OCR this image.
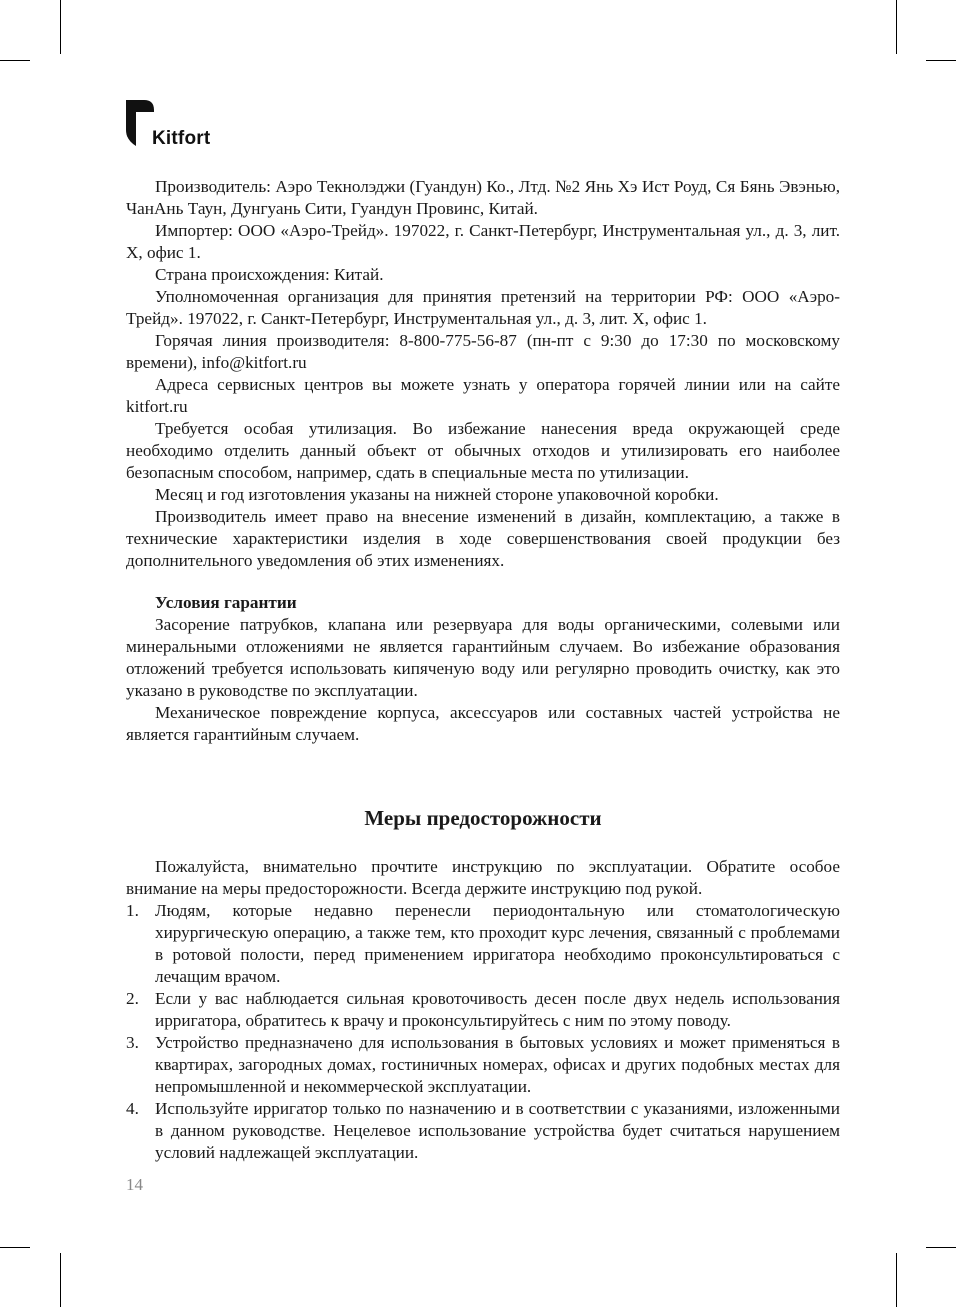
Kitfort

Производитель: Аэро Текнолэджи (Гуандун) Ко., Лтд. №2 Янь Хэ Ист Роуд, Ся Бянь Эвэнью, ЧанАнь Таун, Дунгуань Сити, Гуандун Провинс, Китай.

Импортер: ООО «Аэро-Трейд». 197022, г. Санкт-Петербург, Инструментальная ул., д. 3, лит. Х, офис 1.

Страна происхождения: Китай.

Уполномоченная организация для принятия претензий на территории РФ: ООО «Аэро-Трейд». 197022, г. Санкт-Петербург, Инструментальная ул., д. 3, лит. Х, офис 1.

Горячая линия производителя: 8-800-775-56-87 (пн-пт с 9:30 до 17:30 по московскому времени), info@kitfort.ru

Адреса сервисных центров вы можете узнать у оператора горячей линии или на сайте kitfort.ru

Требуется особая утилизация. Во избежание нанесения вреда окружающей среде необходимо отделить данный объект от обычных отходов и утилизировать его наиболее безопасным способом, например, сдать в специальные места по утилизации.

Месяц и год изготовления указаны на нижней стороне упаковочной коробки.

Производитель имеет право на внесение изменений в дизайн, комплектацию, а также в технические характеристики изделия в ходе совершенствования своей продукции без дополнительного уведомления об этих изменениях.

Условия гарантии

Засорение патрубков, клапана или резервуара для воды органическими, солевыми или минеральными отложениями не является гарантийным случаем. Во избежание образования отложений требуется использовать кипяченую воду или регулярно проводить очистку, как это указано в руководстве по эксплуатации.

Механическое повреждение корпуса, аксессуаров или составных частей устройства не является гарантийным случаем.

Меры предосторожности

Пожалуйста, внимательно прочтите инструкцию по эксплуатации. Обратите особое внимание на меры предосторожности. Всегда держите инструкцию под рукой.

1. Людям, которые недавно перенесли периодонтальную или стоматологическую хирургическую операцию, а также тем, кто проходит курс лечения, связанный с проблемами в ротовой полости, перед применением ирригатора необходимо проконсультироваться с лечащим врачом.
2. Если у вас наблюдается сильная кровоточивость десен после двух недель использования ирригатора, обратитесь к врачу и проконсультируйтесь с ним по этому поводу.
3. Устройство предназначено для использования в бытовых условиях и может применяться в квартирах, загородных домах, гостиничных номерах, офисах и других подобных местах для непромышленной и некоммерческой эксплуатации.
4. Используйте ирригатор только по назначению и в соответствии с указаниями, изложенными в данном руководстве. Нецелевое использование устройства будет считаться нарушением условий надлежащей эксплуатации.
14
